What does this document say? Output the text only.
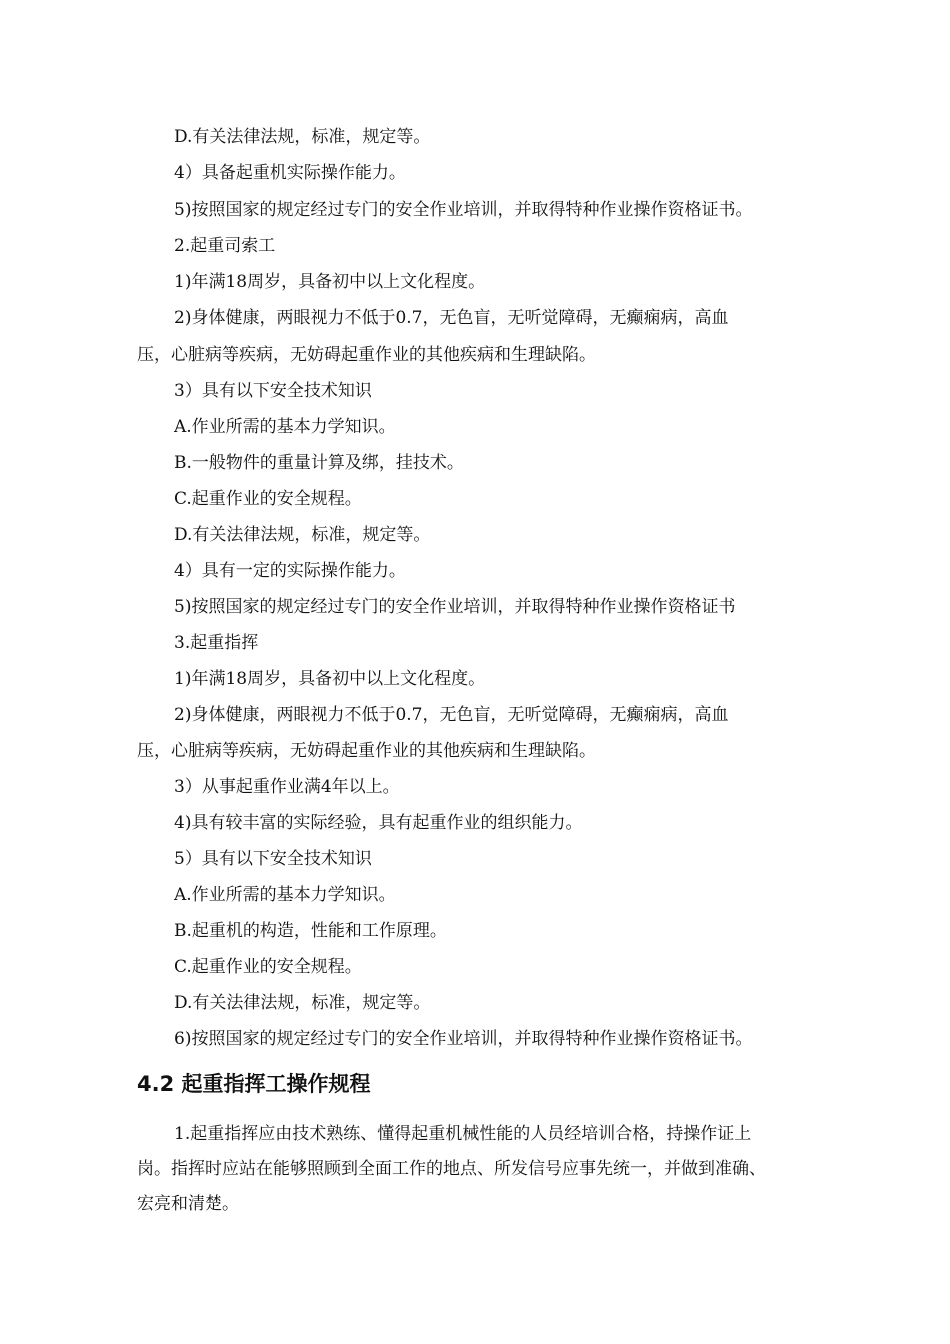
D.有关法律法规，标准，规定等。
4）具备起重机实际操作能力。
5)按照国家的规定经过专门的安全作业培训，并取得特种作业操作资格证书。
2.起重司索工
1)年满18周岁，具备初中以上文化程度。
2)身体健康，两眼视力不低于0.7，无色盲，无听觉障碍，无癫痫病，高血
压，心脏病等疾病，无妨碍起重作业的其他疾病和生理缺陷。
3）具有以下安全技术知识
A.作业所需的基本力学知识。
B.一般物件的重量计算及绑，挂技术。
C.起重作业的安全规程。
D.有关法律法规，标准，规定等。
4）具有一定的实际操作能力。
5)按照国家的规定经过专门的安全作业培训，并取得特种作业操作资格证书
3.起重指挥
1)年满18周岁，具备初中以上文化程度。
2)身体健康，两眼视力不低于0.7，无色盲，无听觉障碍，无癫痫病，高血
压，心脏病等疾病，无妨碍起重作业的其他疾病和生理缺陷。
3）从事起重作业满4年以上。
4)具有较丰富的实际经验，具有起重作业的组织能力。
5）具有以下安全技术知识
A.作业所需的基本力学知识。
B.起重机的构造，性能和工作原理。
C.起重作业的安全规程。
D.有关法律法规，标准，规定等。
6)按照国家的规定经过专门的安全作业培训，并取得特种作业操作资格证书。
4.2 起重指挥工操作规程
1.起重指挥应由技术熟练、懂得起重机械性能的人员经培训合格，持操作证上
岗。指挥时应站在能够照顾到全面工作的地点、所发信号应事先统一，并做到准确、
宏亮和清楚。
